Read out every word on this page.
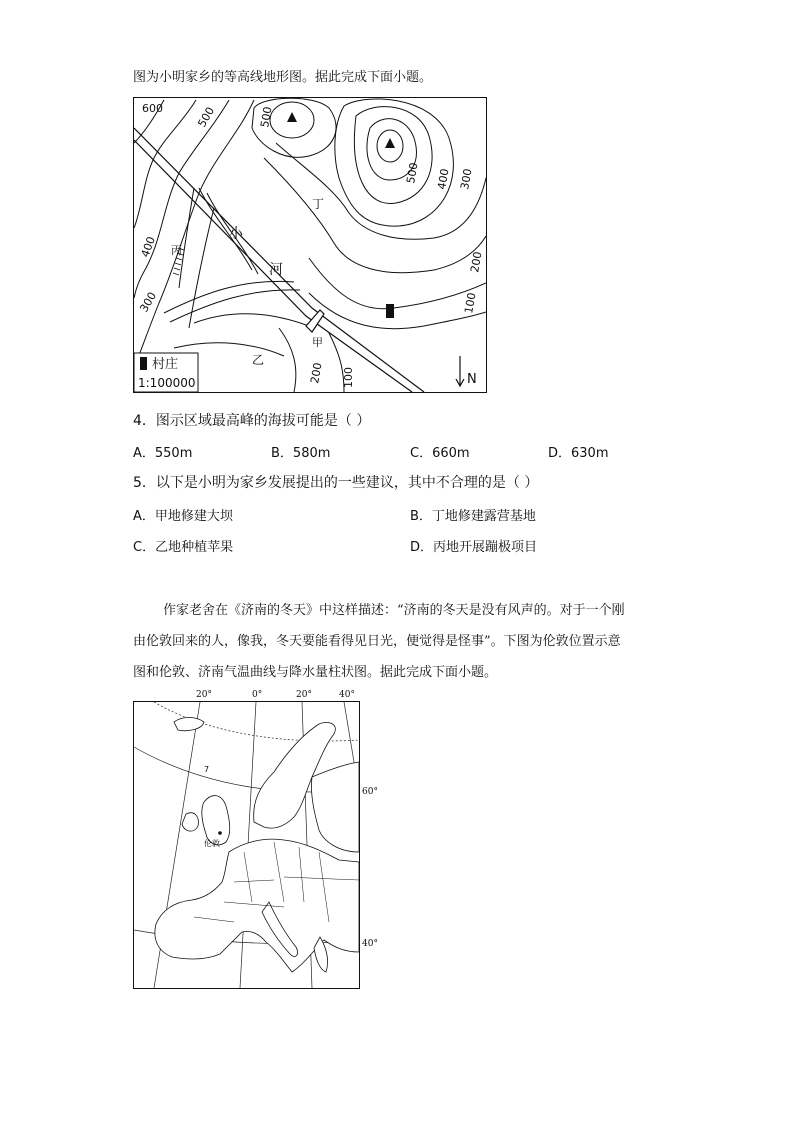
图为小明家乡的等高线地形图。据此完成下面小题。
600	500	500
500 400 300
400
300
200
100
200 100
丁
丙
乙
甲
小
河
村庄
1:100000	N
4．图示区域最高峰的海拔可能是（ ）
A．550m	B．580m	C．660m	D．630m
5．以下是小明为家乡发展提出的一些建议，其中不合理的是（ ）
A．甲地修建大坝	B．丁地修建露营基地
C．乙地种植苹果	D．丙地开展蹦极项目
作家老舍在《济南的冬天》中这样描述：“济南的冬天是没有风声的。对于一个刚
由伦敦回来的人，像我，冬天要能看得见日光，便觉得是怪事”。下图为伦敦位置示意
图和伦敦、济南气温曲线与降水量柱状图。据此完成下面小题。
20°	0°	20°	40°
60°
40°
伦敦
7
